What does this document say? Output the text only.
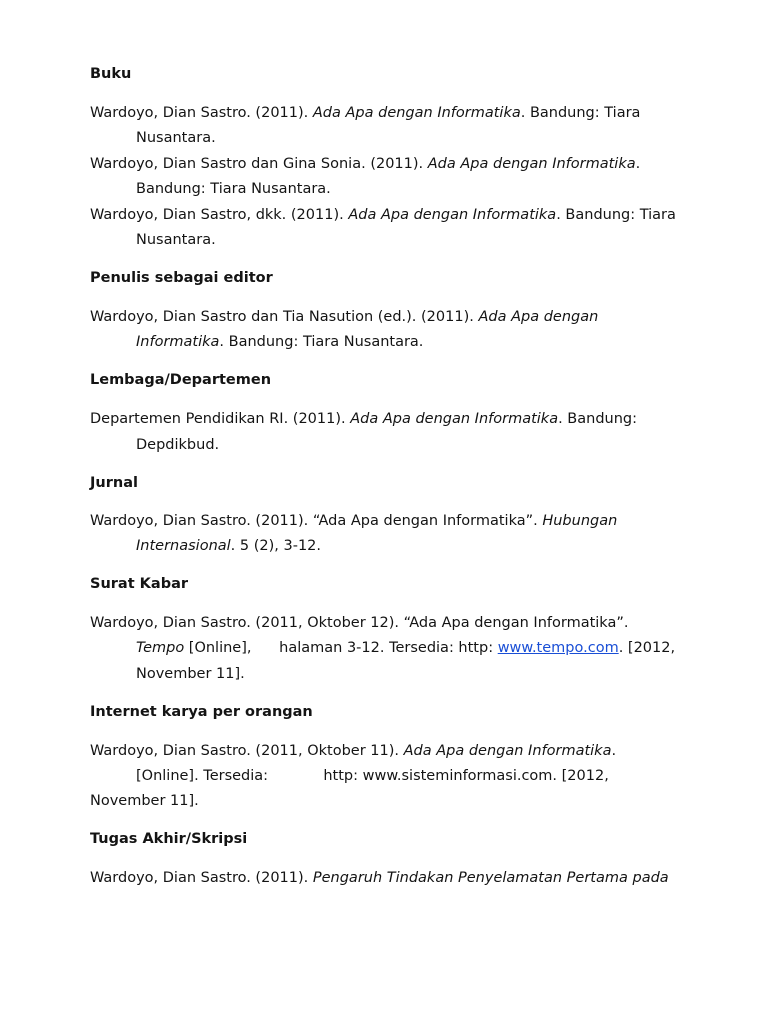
Buku
Wardoyo, Dian Sastro. (2011). Ada Apa dengan Informatika. Bandung: Tiara
Nusantara.
Wardoyo, Dian Sastro dan Gina Sonia. (2011). Ada Apa dengan Informatika.
Bandung: Tiara Nusantara.
Wardoyo, Dian Sastro, dkk. (2011). Ada Apa dengan Informatika. Bandung: Tiara
Nusantara.
Penulis sebagai editor
Wardoyo, Dian Sastro dan Tia Nasution (ed.). (2011). Ada Apa dengan
Informatika. Bandung: Tiara Nusantara.
Lembaga/Departemen
Departemen Pendidikan RI. (2011). Ada Apa dengan Informatika. Bandung:
Depdikbud.
Jurnal
Wardoyo, Dian Sastro. (2011). “Ada Apa dengan Informatika”. Hubungan
Internasional. 5 (2), 3-12.
Surat Kabar
Wardoyo, Dian Sastro. (2011, Oktober 12). “Ada Apa dengan Informatika”.
Tempo [Online],      halaman 3-12. Tersedia: http: www.tempo.com. [2012,
November 11].
Internet karya per orangan
Wardoyo, Dian Sastro. (2011, Oktober 11). Ada Apa dengan Informatika.
[Online]. Tersedia:            http: www.sisteminformasi.com. [2012,
November 11].
Tugas Akhir/Skripsi
Wardoyo, Dian Sastro. (2011). Pengaruh Tindakan Penyelamatan Pertama pada
